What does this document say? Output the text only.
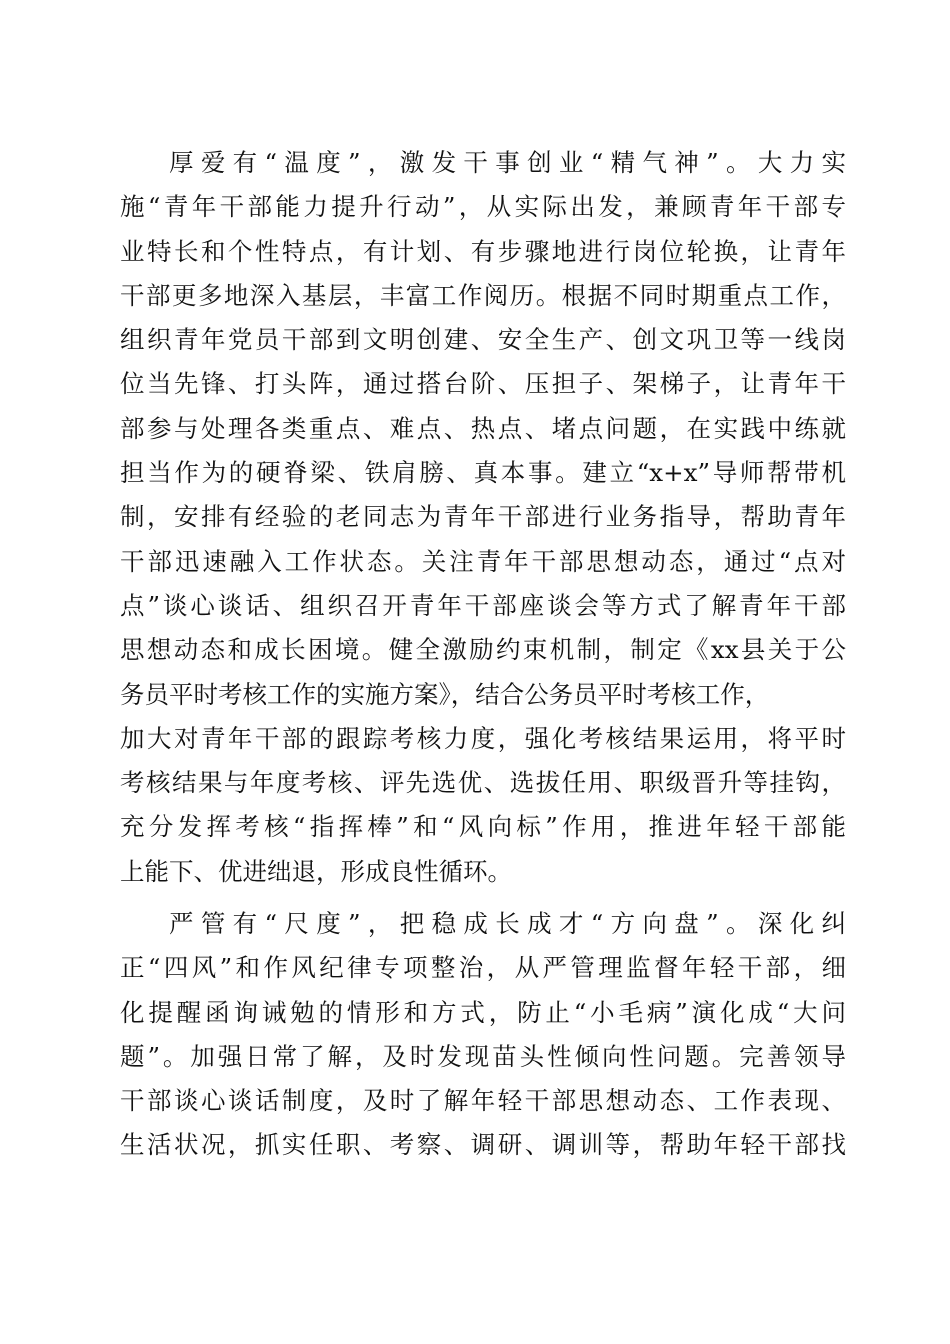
厚爱有“温度”，激发干事创业“精气神”。大力实
施“青年干部能力提升行动”，从实际出发，兼顾青年干部专
业特长和个性特点，有计划、有步骤地进行岗位轮换，让青年
干部更多地深入基层，丰富工作阅历。根据不同时期重点工作，
组织青年党员干部到文明创建、安全生产、创文巩卫等一线岗
位当先锋、打头阵，通过搭台阶、压担子、架梯子，让青年干
部参与处理各类重点、难点、热点、堵点问题，在实践中练就
担当作为的硬脊梁、铁肩膀、真本事。建立“x+x”导师帮带机
制，安排有经验的老同志为青年干部进行业务指导，帮助青年
干部迅速融入工作状态。关注青年干部思想动态，通过“点对
点”谈心谈话、组织召开青年干部座谈会等方式了解青年干部
思想动态和成长困境。健全激励约束机制，制定《xx县关于公
务员平时考核工作的实施方案》，结合公务员平时考核工作，
加大对青年干部的跟踪考核力度，强化考核结果运用，将平时
考核结果与年度考核、评先选优、选拔任用、职级晋升等挂钩，
充分发挥考核“指挥棒”和“风向标”作用，推进年轻干部能
上能下、优进绌退，形成良性循环。
严管有“尺度”，把稳成长成才“方向盘”。深化纠
正“四风”和作风纪律专项整治，从严管理监督年轻干部，细
化提醒函询诫勉的情形和方式，防止“小毛病”演化成“大问
题”。加强日常了解，及时发现苗头性倾向性问题。完善领导
干部谈心谈话制度，及时了解年轻干部思想动态、工作表现、
生活状况，抓实任职、考察、调研、调训等，帮助年轻干部找
